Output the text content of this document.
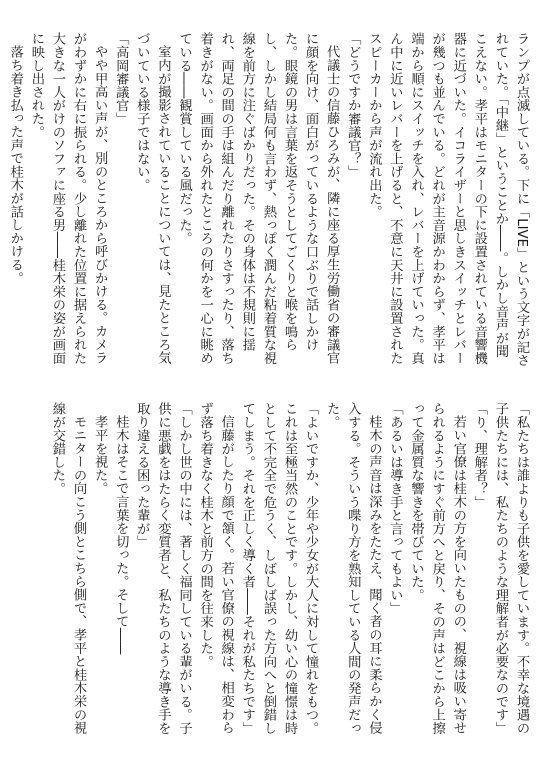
ランプが点滅している。下に「LIVE」という文字が記されていた。「中継」ということか――。しかし音声が聞こえない。孝平はモニターの下に設置されている音響機器に近づいた。イコライザーと思しきスイッチとレバーが幾つも並んでいる。どれが主音源かわからず、孝平は端から順にスイッチを入れ、レバーを上げていった。真ん中に近いレバーを上げると、不意に天井に設置されたスピーカーから声が流れ出た。

「どうですか審議官？」

代議士の信藤ひろみが、隣に座る厚生労働省の審議官に顔を向け、面白がっているような口ぶりで話しかけた。眼鏡の男は言葉を返そうとしてごくりと喉を鳴らし、しかし結局何も言わず、熱っぽく潤んだ粘着質な視線を前方に注ぐばかりだった。その身体は不規則に揺れ、両足の間の手は組んだり離れたりさすったり、落ち着きがない。画面から外れたところの何かを一心に眺めている――観賞している風だった。

室内が撮影されていることについては、見たところ気づいている様子ではない。

「高岡審議官」

やや甲高い声が、別のところから呼びかける。カメラがわずかに右に振られる。少し離れた位置に据えられた大きな一人がけのソファに座る男――桂木栄の姿が画面に映し出された。

落ち着き払った声で桂木が話しかける。

「私たちは誰よりも子供を愛しています。不幸な境遇の子供たちには、私たちのような理解者が必要なのです」

「り、理解者？」

若い官僚は桂木の方を向いたものの、視線は吸い寄せられるようにすぐ前方へと戻り、その声はどこから上擦って金属質な響きを帯びていた。

「あるいは導き手と言ってもよい」

桂木の声音は深みをたたえ、聞く者の耳に柔らかく侵入する。そういう喋り方を熟知している人間の発声だった。

「よいですか、少年や少女が大人に対して憧れをもつ。これは至極当然のことです。しかし、幼い心の憧憬は時として不完全で危うく、しばしば誤った方向へと倒錯してしまう。それを正しく導く者――それが私たちです」

信藤がしたり顔で頷く。若い官僚の視線は、相変わらず落ち着きなく桂木と前方の間を往来した。

「しかし世の中には、著しく福同している輩がいる。子供に悪戯をはたらく変質者と、私たちのような導き手を取り違える困った輩が」

桂木はそこで言葉を切った。そして――

孝平を視た。

モニターの向こう側とこちら側で、孝平と桂木栄の視線が交錯した。
